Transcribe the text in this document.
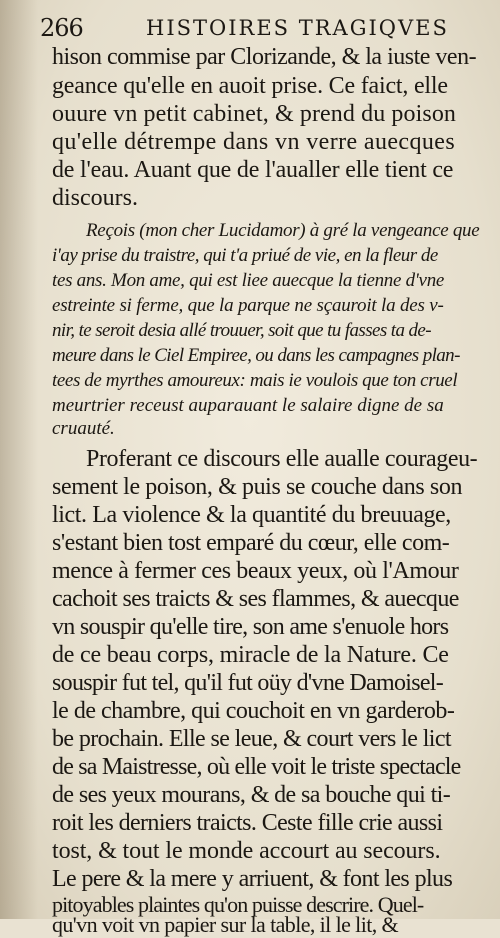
266	HISTOIRES TRAGIQVES
hison commise par Clorizande, & la iuste ven-
geance qu'elle en auoit prise. Ce faict, elle
ouure vn petit cabinet, & prend du poison
qu'elle détrempe dans vn verre auecques
de l'eau. Auant que de l'aualler elle tient ce
discours.
Reçois (mon cher Lucidamor) à gré la vengeance que
i'ay prise du traistre, qui t'a priué de vie, en la fleur de
tes ans. Mon ame, qui est liee auecque la tienne d'vne
estreinte si ferme, que la parque ne sçauroit la des v-
nir, te seroit desia allé trouuer, soit que tu fasses ta de-
meure dans le Ciel Empiree, ou dans les campagnes plan-
tees de myrthes amoureux: mais ie voulois que ton cruel
meurtrier receust auparauant le salaire digne de sa
cruauté.
Proferant ce discours elle aualle courageu-
sement le poison, & puis se couche dans son
lict. La violence & la quantité du breuuage,
s'estant bien tost emparé du cœur, elle com-
mence à fermer ces beaux yeux, où l'Amour
cachoit ses traicts & ses flammes, & auecque
vn souspir qu'elle tire, son ame s'enuole hors
de ce beau corps, miracle de la Nature. Ce
souspir fut tel, qu'il fut oüy d'vne Damoisel-
le de chambre, qui couchoit en vn garderob-
be prochain. Elle se leue, & court vers le lict
de sa Maistresse, où elle voit le triste spectacle
de ses yeux mourans, & de sa bouche qui ti-
roit les derniers traicts. Ceste fille crie aussi
tost, & tout le monde accourt au secours.
Le pere & la mere y arriuent, & font les plus
pitoyables plaintes qu'on puisse descrire. Quel-
qu'vn voit vn papier sur la table, il le lit, &
